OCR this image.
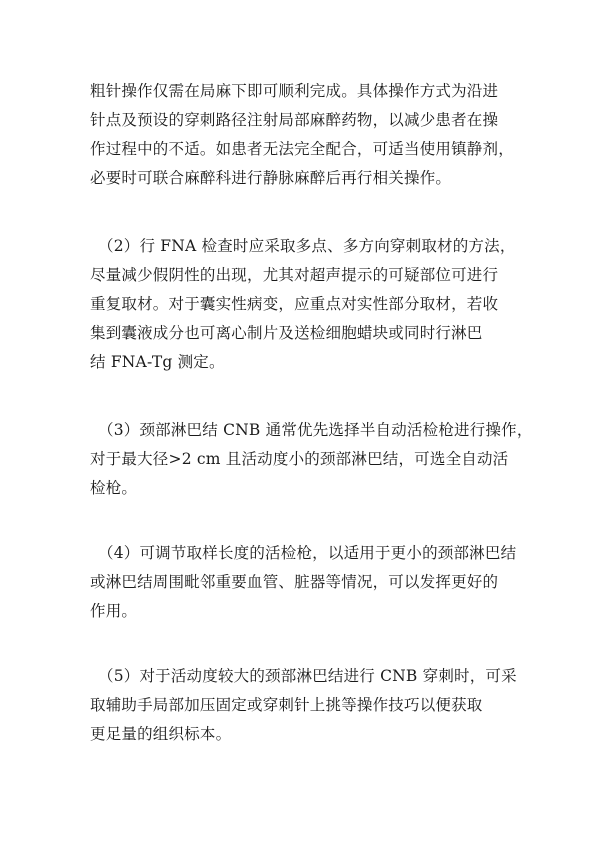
粗针操作仅需在局麻下即可顺利完成。具体操作方式为沿进
针点及预设的穿刺路径注射局部麻醉药物，以减少患者在操
作过程中的不适。如患者无法完全配合，可适当使用镇静剂，
必要时可联合麻醉科进行静脉麻醉后再行相关操作。
（2）行 FNA 检查时应采取多点、多方向穿刺取材的方法，
尽量减少假阴性的出现，尤其对超声提示的可疑部位可进行
重复取材。对于囊实性病变，应重点对实性部分取材，若收
集到囊液成分也可离心制片及送检细胞蜡块或同时行淋巴
结 FNA-Tg 测定。
（3）颈部淋巴结 CNB 通常优先选择半自动活检枪进行操作，
对于最大径>2 cm 且活动度小的颈部淋巴结，可选全自动活
检枪。
（4）可调节取样长度的活检枪，以适用于更小的颈部淋巴结
或淋巴结周围毗邻重要血管、脏器等情况，可以发挥更好的
作用。
（5）对于活动度较大的颈部淋巴结进行 CNB 穿刺时，可采
取辅助手局部加压固定或穿刺针上挑等操作技巧以便获取
更足量的组织标本。
